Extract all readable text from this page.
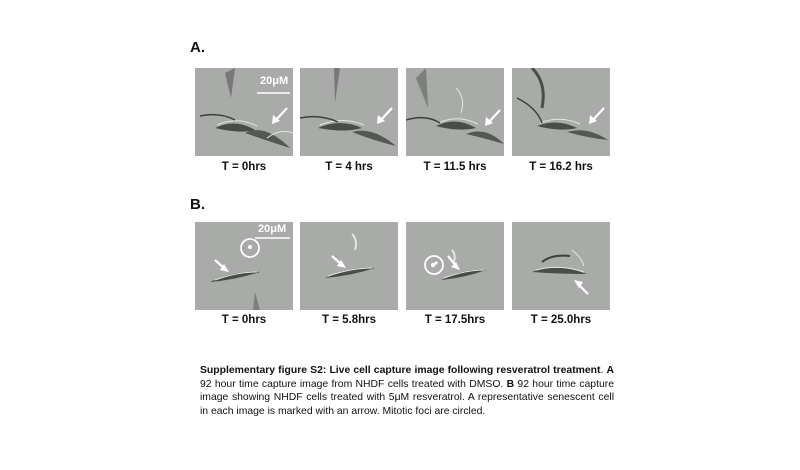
A.
20μM
T = 0hrs	T = 4 hrs	T = 11.5 hrs	T = 16.2 hrs
B.
20μM
T = 0hrs	T = 5.8hrs	T = 17.5hrs	T = 25.0hrs
Supplementary figure S2: Live cell capture image following resveratrol treatment. A 92 hour time capture image from NHDF cells treated with DMSO. B 92 hour time capture image showing NHDF cells treated with 5μM resveratrol. A representative senescent cell in each image is marked with an arrow. Mitotic foci are circled.
